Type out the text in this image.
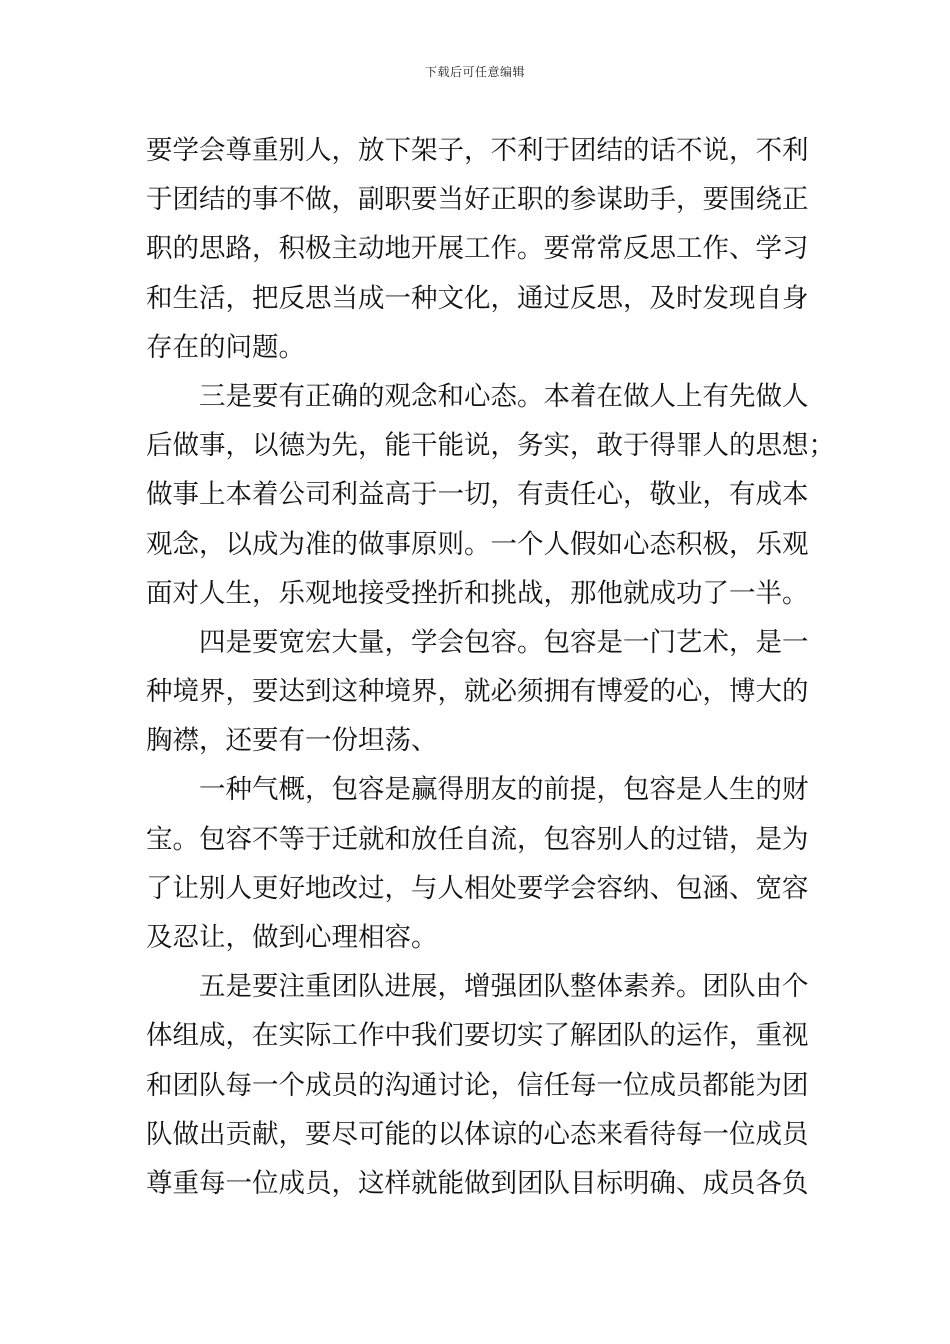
下载后可任意编辑
要学会尊重别人，放下架子，不利于团结的话不说，不利
于团结的事不做，副职要当好正职的参谋助手，要围绕正
职的思路，积极主动地开展工作。要常常反思工作、学习
和生活，把反思当成一种文化，通过反思，及时发现自身
存在的问题。
三是要有正确的观念和心态。本着在做人上有先做人
后做事，以德为先，能干能说，务实，敢于得罪人的思想；
做事上本着公司利益高于一切，有责任心，敬业，有成本
观念，以成为准的做事原则。一个人假如心态积极，乐观
面对人生，乐观地接受挫折和挑战，那他就成功了一半。
四是要宽宏大量，学会包容。包容是一门艺术，是一
种境界，要达到这种境界，就必须拥有博爱的心，博大的
胸襟，还要有一份坦荡、
一种气概，包容是赢得朋友的前提，包容是人生的财
宝。包容不等于迁就和放任自流，包容别人的过错，是为
了让别人更好地改过，与人相处要学会容纳、包涵、宽容
及忍让，做到心理相容。
五是要注重团队进展，增强团队整体素养。团队由个
体组成，在实际工作中我们要切实了解团队的运作，重视
和团队每一个成员的沟通讨论，信任每一位成员都能为团
队做出贡献，要尽可能的以体谅的心态来看待每一位成员
尊重每一位成员，这样就能做到团队目标明确、成员各负
